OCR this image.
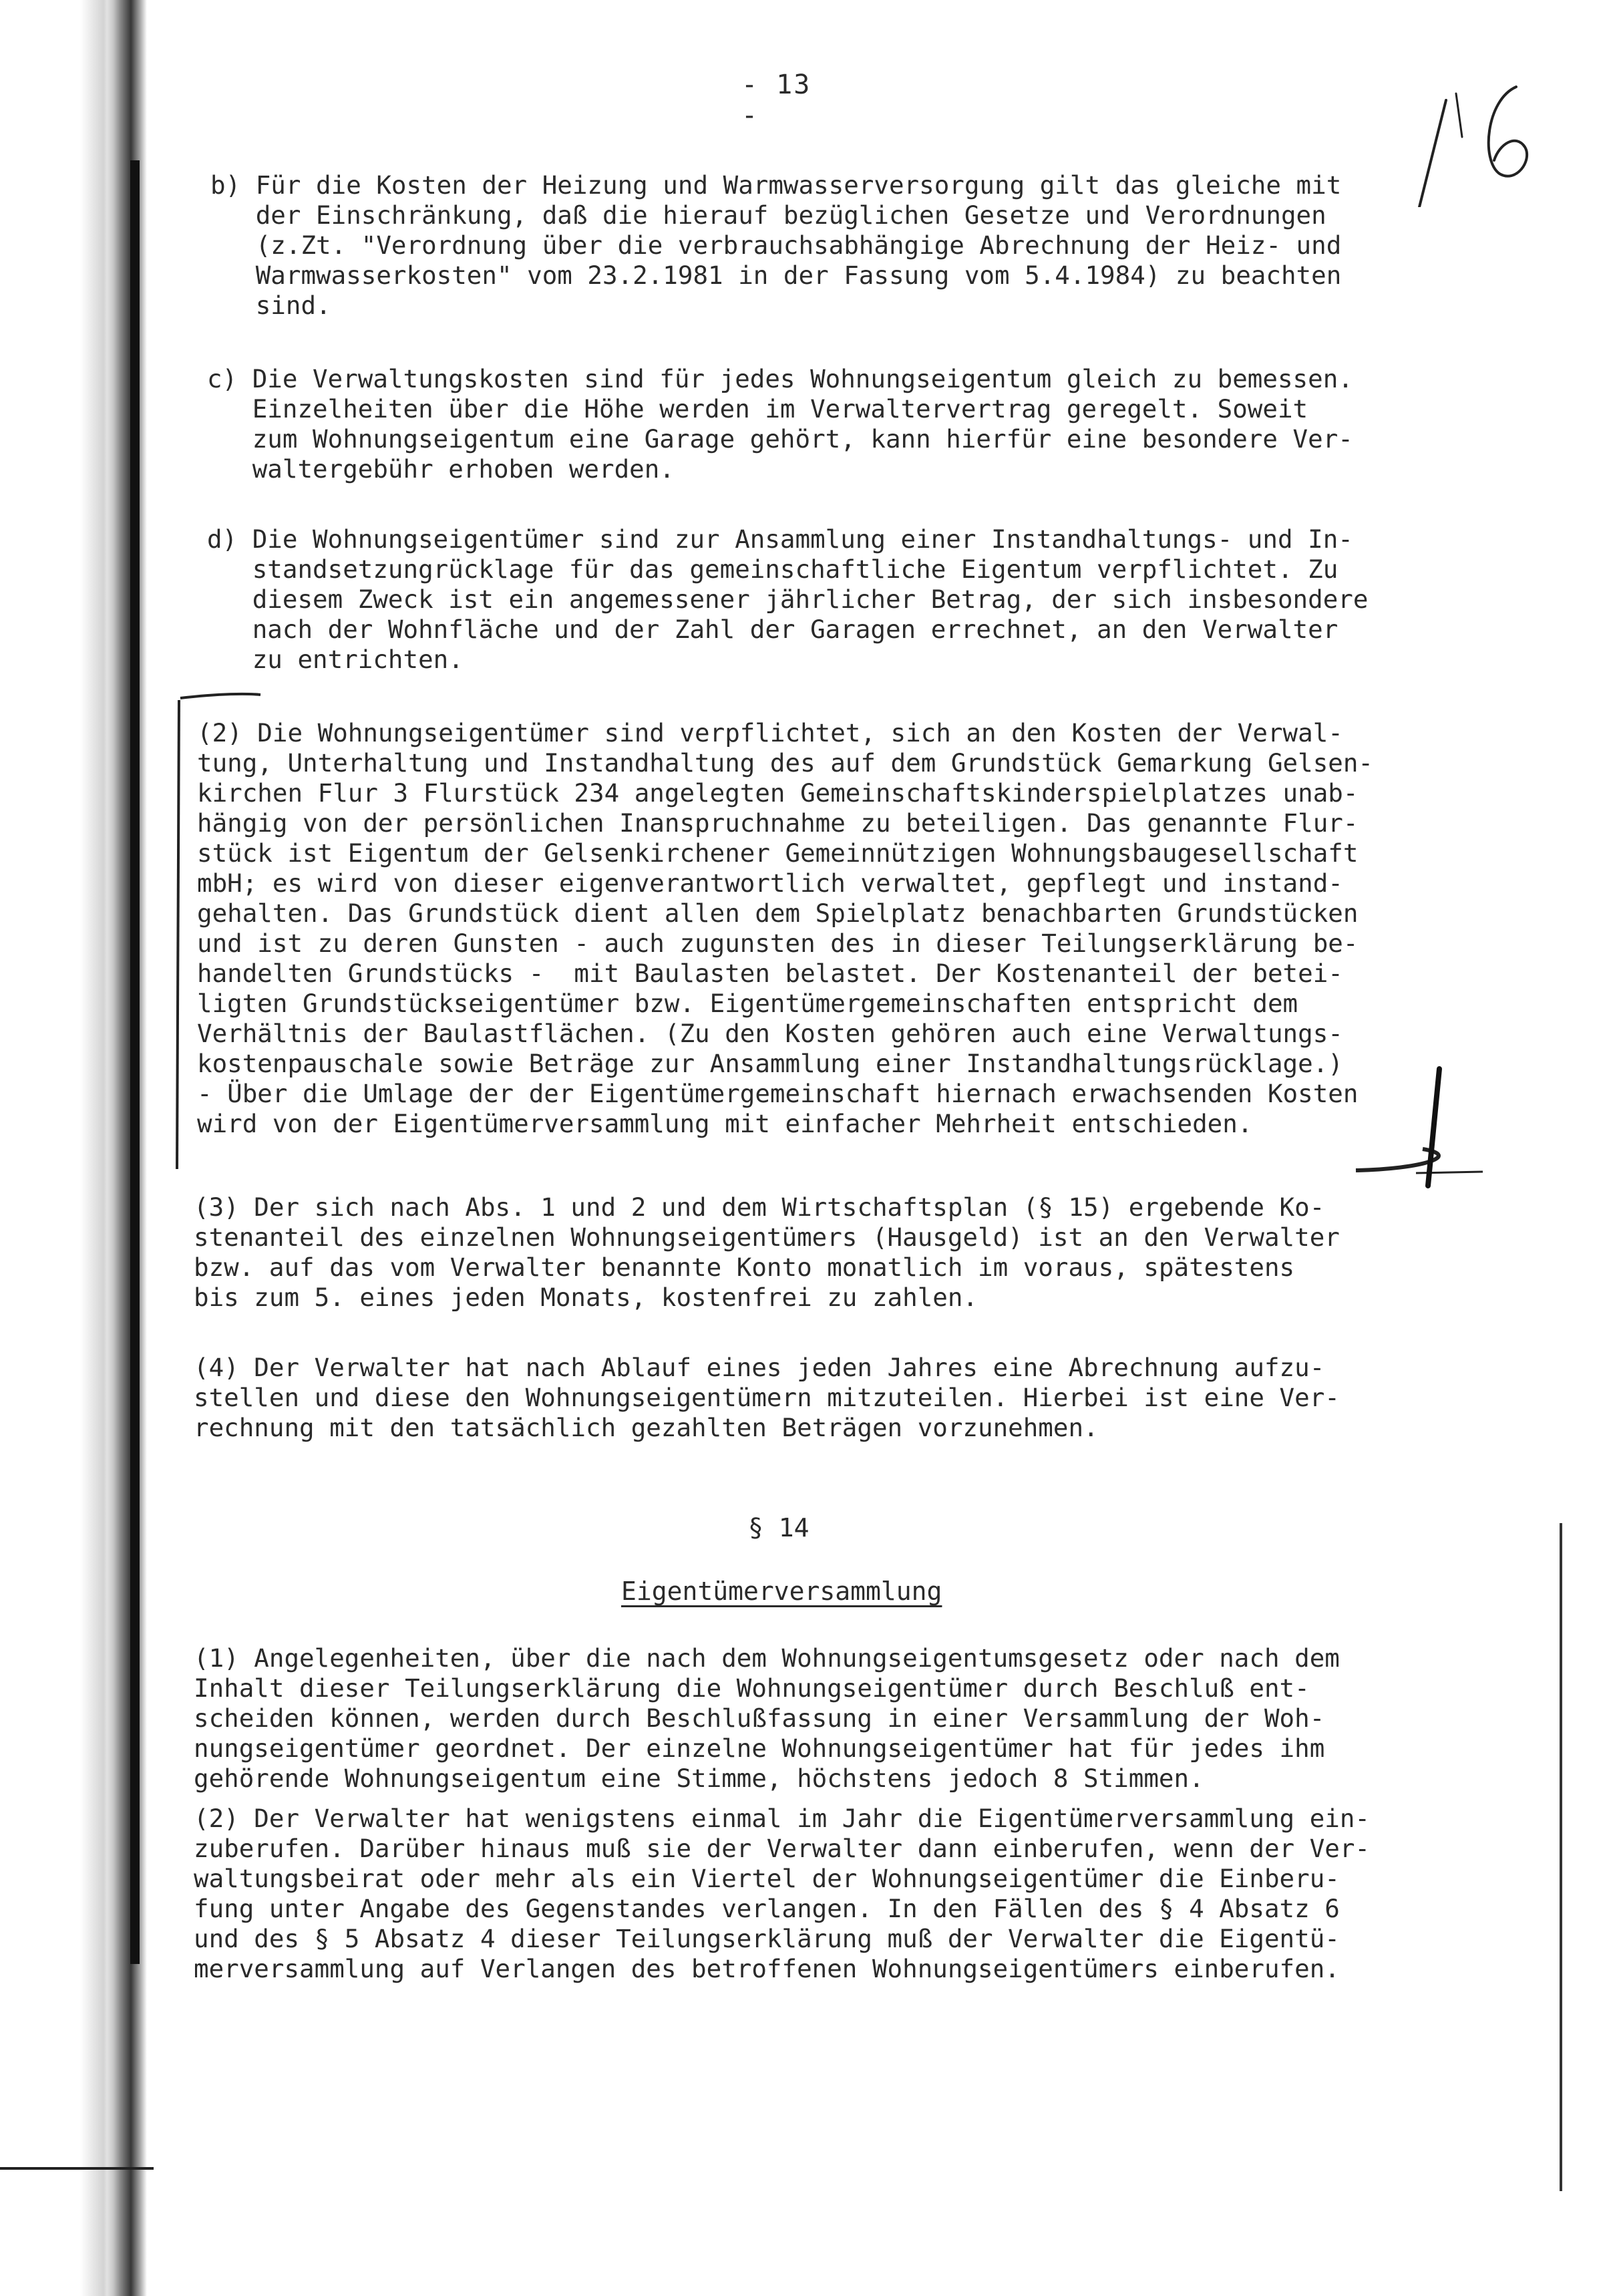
- 13 -
b) Für die Kosten der Heizung und Warmwasserversorgung gilt das gleiche mit
der Einschränkung, daß die hierauf bezüglichen Gesetze und Verordnungen
(z.Zt. "Verordnung über die verbrauchsabhängige Abrechnung der Heiz- und
Warmwasserkosten" vom 23.2.1981 in der Fassung vom 5.4.1984) zu beachten
sind.
c) Die Verwaltungskosten sind für jedes Wohnungseigentum gleich zu bemessen.
Einzelheiten über die Höhe werden im Verwaltervertrag geregelt. Soweit
zum Wohnungseigentum eine Garage gehört, kann hierfür eine besondere Ver-
waltergebühr erhoben werden.
d) Die Wohnungseigentümer sind zur Ansammlung einer Instandhaltungs- und In-
standsetzungrücklage für das gemeinschaftliche Eigentum verpflichtet. Zu
diesem Zweck ist ein angemessener jährlicher Betrag, der sich insbesondere
nach der Wohnfläche und der Zahl der Garagen errechnet, an den Verwalter
zu entrichten.
(2) Die Wohnungseigentümer sind verpflichtet, sich an den Kosten der Verwal-
tung, Unterhaltung und Instandhaltung des auf dem Grundstück Gemarkung Gelsen-
kirchen Flur 3 Flurstück 234 angelegten Gemeinschaftskinderspielplatzes unab-
hängig von der persönlichen Inanspruchnahme zu beteiligen. Das genannte Flur-
stück ist Eigentum der Gelsenkirchener Gemeinnützigen Wohnungsbaugesellschaft
mbH; es wird von dieser eigenverantwortlich verwaltet, gepflegt und instand-
gehalten. Das Grundstück dient allen dem Spielplatz benachbarten Grundstücken
und ist zu deren Gunsten - auch zugunsten des in dieser Teilungserklärung be-
handelten Grundstücks -  mit Baulasten belastet. Der Kostenanteil der betei-
ligten Grundstückseigentümer bzw. Eigentümergemeinschaften entspricht dem
Verhältnis der Baulastflächen. (Zu den Kosten gehören auch eine Verwaltungs-
kostenpauschale sowie Beträge zur Ansammlung einer Instandhaltungsrücklage.)
- Über die Umlage der der Eigentümergemeinschaft hiernach erwachsenden Kosten
wird von der Eigentümerversammlung mit einfacher Mehrheit entschieden.
(3) Der sich nach Abs. 1 und 2 und dem Wirtschaftsplan (§ 15) ergebende Ko-
stenanteil des einzelnen Wohnungseigentümers (Hausgeld) ist an den Verwalter
bzw. auf das vom Verwalter benannte Konto monatlich im voraus, spätestens
bis zum 5. eines jeden Monats, kostenfrei zu zahlen.
(4) Der Verwalter hat nach Ablauf eines jeden Jahres eine Abrechnung aufzu-
stellen und diese den Wohnungseigentümern mitzuteilen. Hierbei ist eine Ver-
rechnung mit den tatsächlich gezahlten Beträgen vorzunehmen.
§ 14
Eigentümerversammlung
(1) Angelegenheiten, über die nach dem Wohnungseigentumsgesetz oder nach dem
Inhalt dieser Teilungserklärung die Wohnungseigentümer durch Beschluß ent-
scheiden können, werden durch Beschlußfassung in einer Versammlung der Woh-
nungseigentümer geordnet. Der einzelne Wohnungseigentümer hat für jedes ihm
gehörende Wohnungseigentum eine Stimme, höchstens jedoch 8 Stimmen.
(2) Der Verwalter hat wenigstens einmal im Jahr die Eigentümerversammlung ein-
zuberufen. Darüber hinaus muß sie der Verwalter dann einberufen, wenn der Ver-
waltungsbeirat oder mehr als ein Viertel der Wohnungseigentümer die Einberu-
fung unter Angabe des Gegenstandes verlangen. In den Fällen des § 4 Absatz 6
und des § 5 Absatz 4 dieser Teilungserklärung muß der Verwalter die Eigentü-
merversammlung auf Verlangen des betroffenen Wohnungseigentümers einberufen.
